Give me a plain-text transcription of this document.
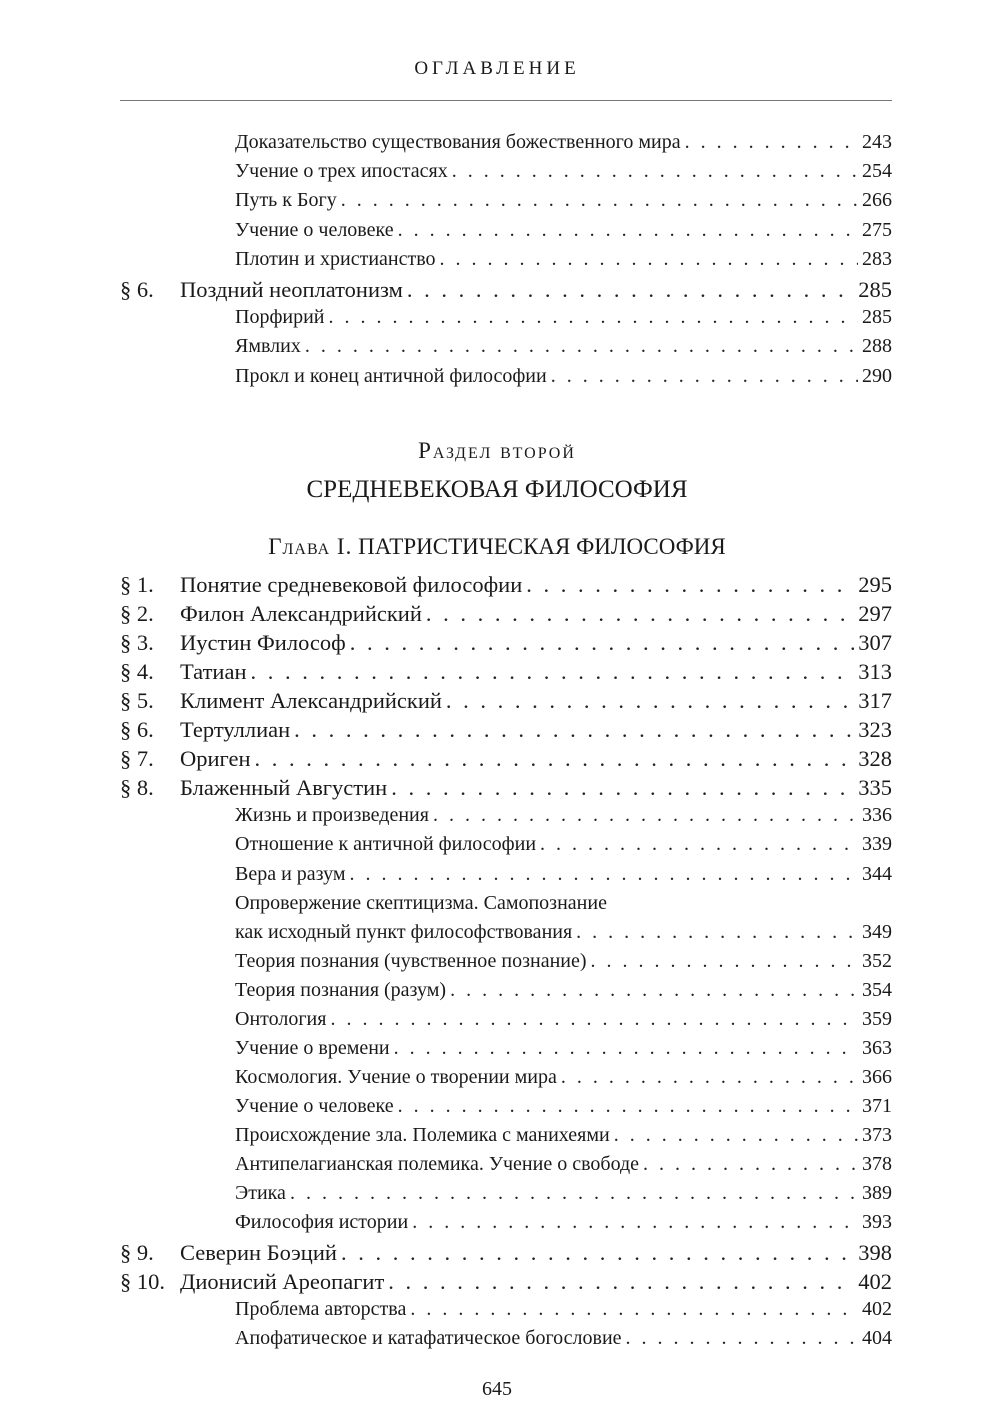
ОГЛАВЛЕНИЕ
Доказательство существования божественного мира . . .	243
Учение о трех ипостасях . . .	254
Путь к Богу . . .	266
Учение о человеке . . .	275
Плотин и христианство . . .	283
§ 6.	Поздний неоплатонизм . . .	285
Порфирий . . .	285
Ямвлих . . .	288
Прокл и конец античной философии . . .	290
Раздел второй
СРЕДНЕВЕКОВАЯ ФИЛОСОФИЯ
Глава I. ПАТРИСТИЧЕСКАЯ ФИЛОСОФИЯ
§ 1.	Понятие средневековой философии . . .	295
§ 2.	Филон Александрийский . . .	297
§ 3.	Иустин Философ . . .	307
§ 4.	Татиан . . .	313
§ 5.	Климент Александрийский . . .	317
§ 6.	Тертуллиан . . .	323
§ 7.	Ориген . . .	328
§ 8.	Блаженный Августин . . .	335
Жизнь и произведения . . .	336
Отношение к античной философии . . .	339
Вера и разум . . .	344
Опровержение скептицизма. Самопознание
как исходный пункт философствования . . .	349
Теория познания (чувственное познание) . . .	352
Теория познания (разум) . . .	354
Онтология . . .	359
Учение о времени . . .	363
Космология. Учение о творении мира . . .	366
Учение о человеке . . .	371
Происхождение зла. Полемика с манихеями . . .	373
Антипелагианская полемика. Учение о свободе . . .	378
Этика . . .	389
Философия истории . . .	393
§ 9.	Северин Боэций . . .	398
§ 10. Дионисий Ареопагит . . .	402
Проблема авторства . . .	402
Апофатическое и катафатическое богословие . . .	404
645
